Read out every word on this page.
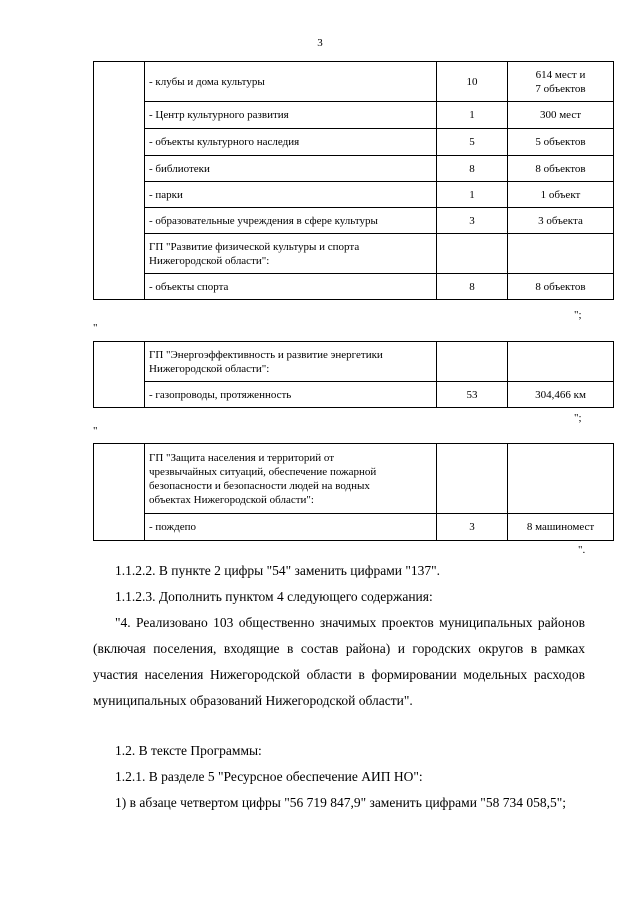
3
	- клубы и дома культуры	10	614 мест и
7 объектов

	- Центр культурного развития	1	300 мест
	- объекты культурного наследия	5	5 объектов
	- библиотеки	8	8 объектов
	- парки	1	1 объект
	- образовательные учреждения в сфере культуры	3	3 объекта

	ГП "Развитие физической культуры и спорта
Нижегородской области":		

	- объекты спорта	8	8 объектов
";
"

	ГП "Энергоэффективность и развитие энергетики
Нижегородской области":		

	- газопроводы, протяженность	53	304,466 км
";
"

	ГП "Защита населения и территорий от
чрезвычайных ситуаций, обеспечение пожарной
безопасности и безопасности людей на водных
объектах Нижегородской области":		

	- пождепо	3	8 машиномест
".
1.1.2.2. В пункте 2 цифры "54" заменить цифрами "137".
1.1.2.3. Дополнить пунктом 4 следующего содержания:
"4. Реализовано 103 общественно значимых проектов муниципальных районов (включая поселения, входящие в состав района) и городских округов в рамках участия населения Нижегородской области в формировании модельных расходов муниципальных образований Нижегородской области".
1.2. В тексте Программы:
1.2.1. В разделе 5 "Ресурсное обеспечение АИП НО":
1) в абзаце четвертом цифры "56 719 847,9" заменить цифрами "58 734 058,5";
